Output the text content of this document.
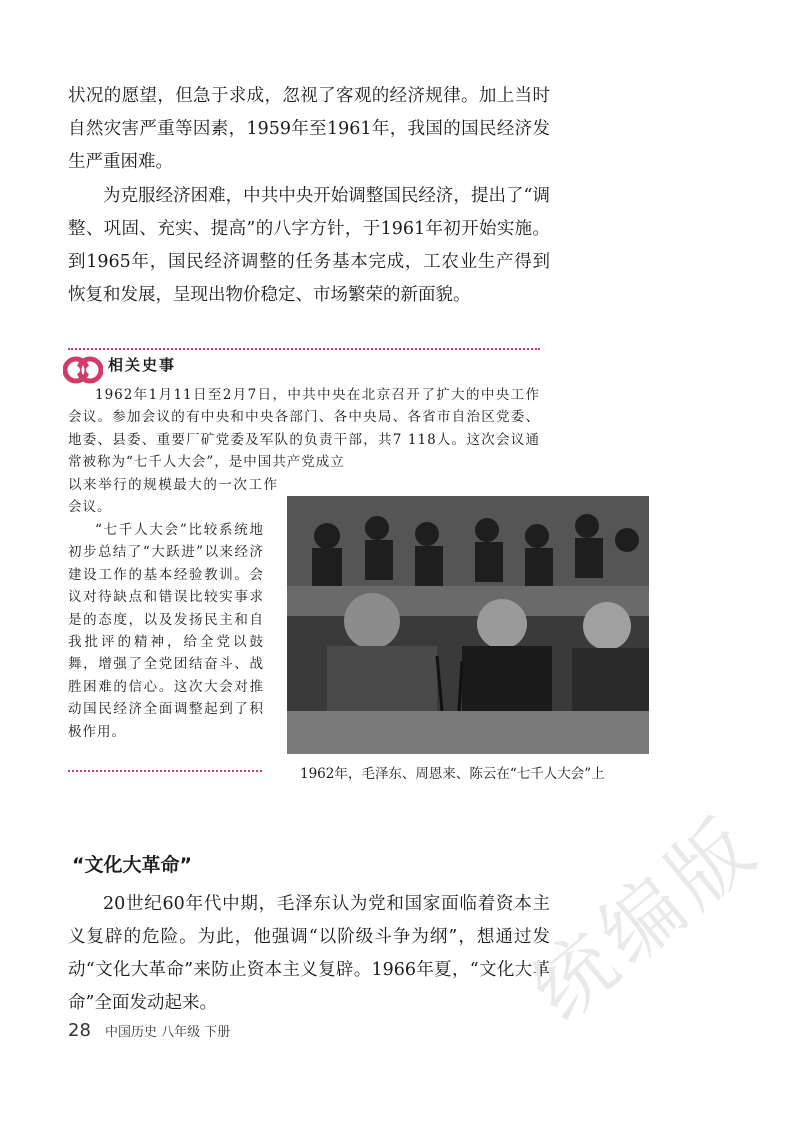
状况的愿望，但急于求成，忽视了客观的经济规律。加上当时自然灾害严重等因素，1959年至1961年，我国的国民经济发生严重困难。

为克服经济困难，中共中央开始调整国民经济，提出了“调整、巩固、充实、提高”的八字方针，于1961年初开始实施。到1965年，国民经济调整的任务基本完成，工农业生产得到恢复和发展，呈现出物价稳定、市场繁荣的新面貌。

相关史事

1962年1月11日至2月7日，中共中央在北京召开了扩大的中央工作会议。参加会议的有中央和中央各部门、各中央局、各省市自治区党委、地委、县委、重要厂矿党委及军队的负责干部，共7 118人。这次会议通常被称为“七千人大会”，是中国共产党成立

以来举行的规模最大的一次工作会议。

“七千人大会”比较系统地初步总结了“大跃进”以来经济建设工作的基本经验教训。会议对待缺点和错误比较实事求是的态度，以及发扬民主和自我批评的精神，给全党以鼓舞，增强了全党团结奋斗、战胜困难的信心。这次大会对推动国民经济全面调整起到了积极作用。

1962年，毛泽东、周恩来、陈云在“七千人大会”上
“文化大革命”

20世纪60年代中期，毛泽东认为党和国家面临着资本主义复辟的危险。为此，他强调“以阶级斗争为纲”，想通过发动“文化大革命”来防止资本主义复辟。1966年夏，“文化大革命”全面发动起来。

28 中国历史 八年级 下册	统编版
